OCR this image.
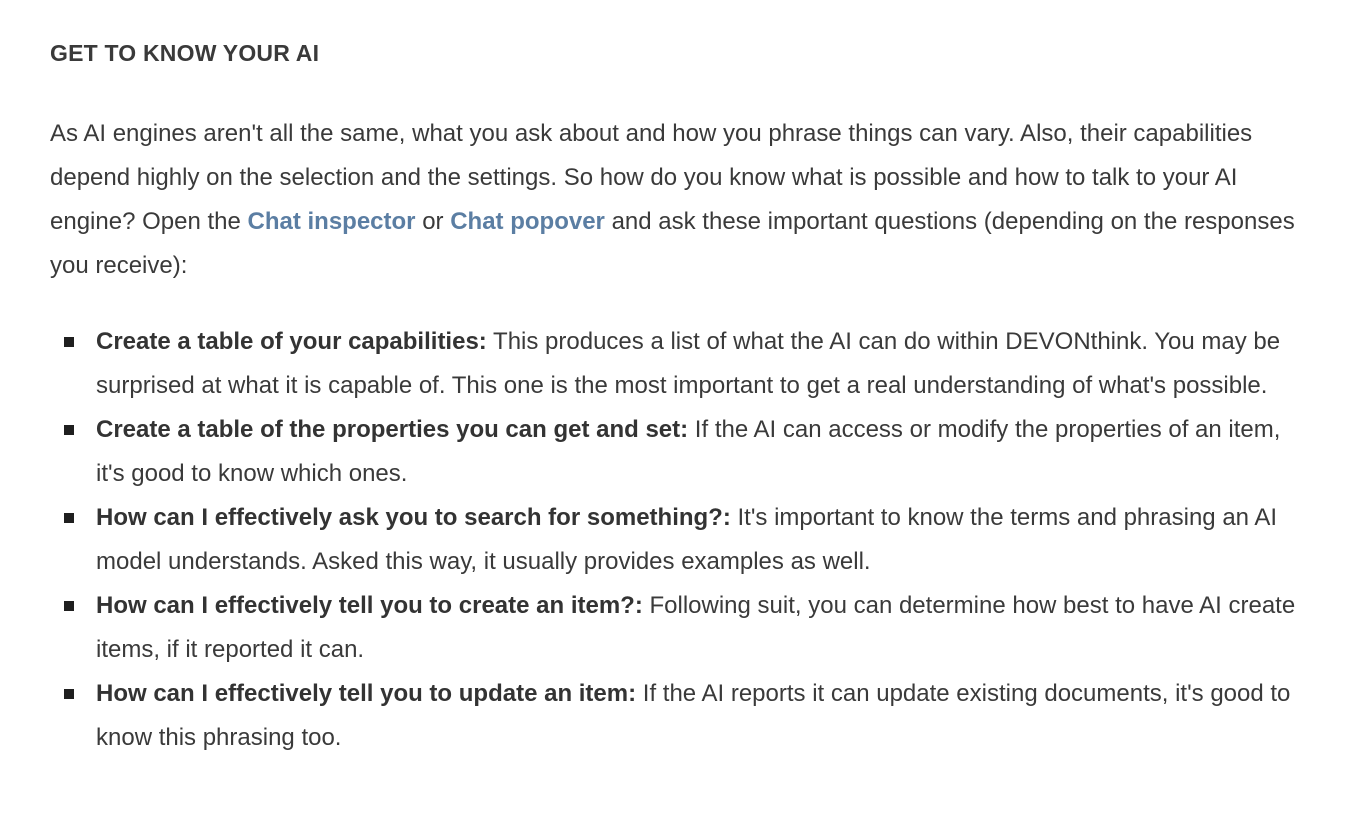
GET TO KNOW YOUR AI

As AI engines aren't all the same, what you ask about and how you phrase things can vary. Also, their capabilities depend highly on the selection and the settings. So how do you know what is possible and how to talk to your AI engine? Open the Chat inspector or Chat popover and ask these important questions (depending on the responses you receive):

Create a table of your capabilities: This produces a list of what the AI can do within DEVONthink. You may be surprised at what it is capable of. This one is the most important to get a real understanding of what's possible.
Create a table of the properties you can get and set: If the AI can access or modify the properties of an item, it's good to know which ones.
How can I effectively ask you to search for something?: It's important to know the terms and phrasing an AI model understands. Asked this way, it usually provides examples as well.
How can I effectively tell you to create an item?: Following suit, you can determine how best to have AI create items, if it reported it can.
How can I effectively tell you to update an item: If the AI reports it can update existing documents, it's good to know this phrasing too.
